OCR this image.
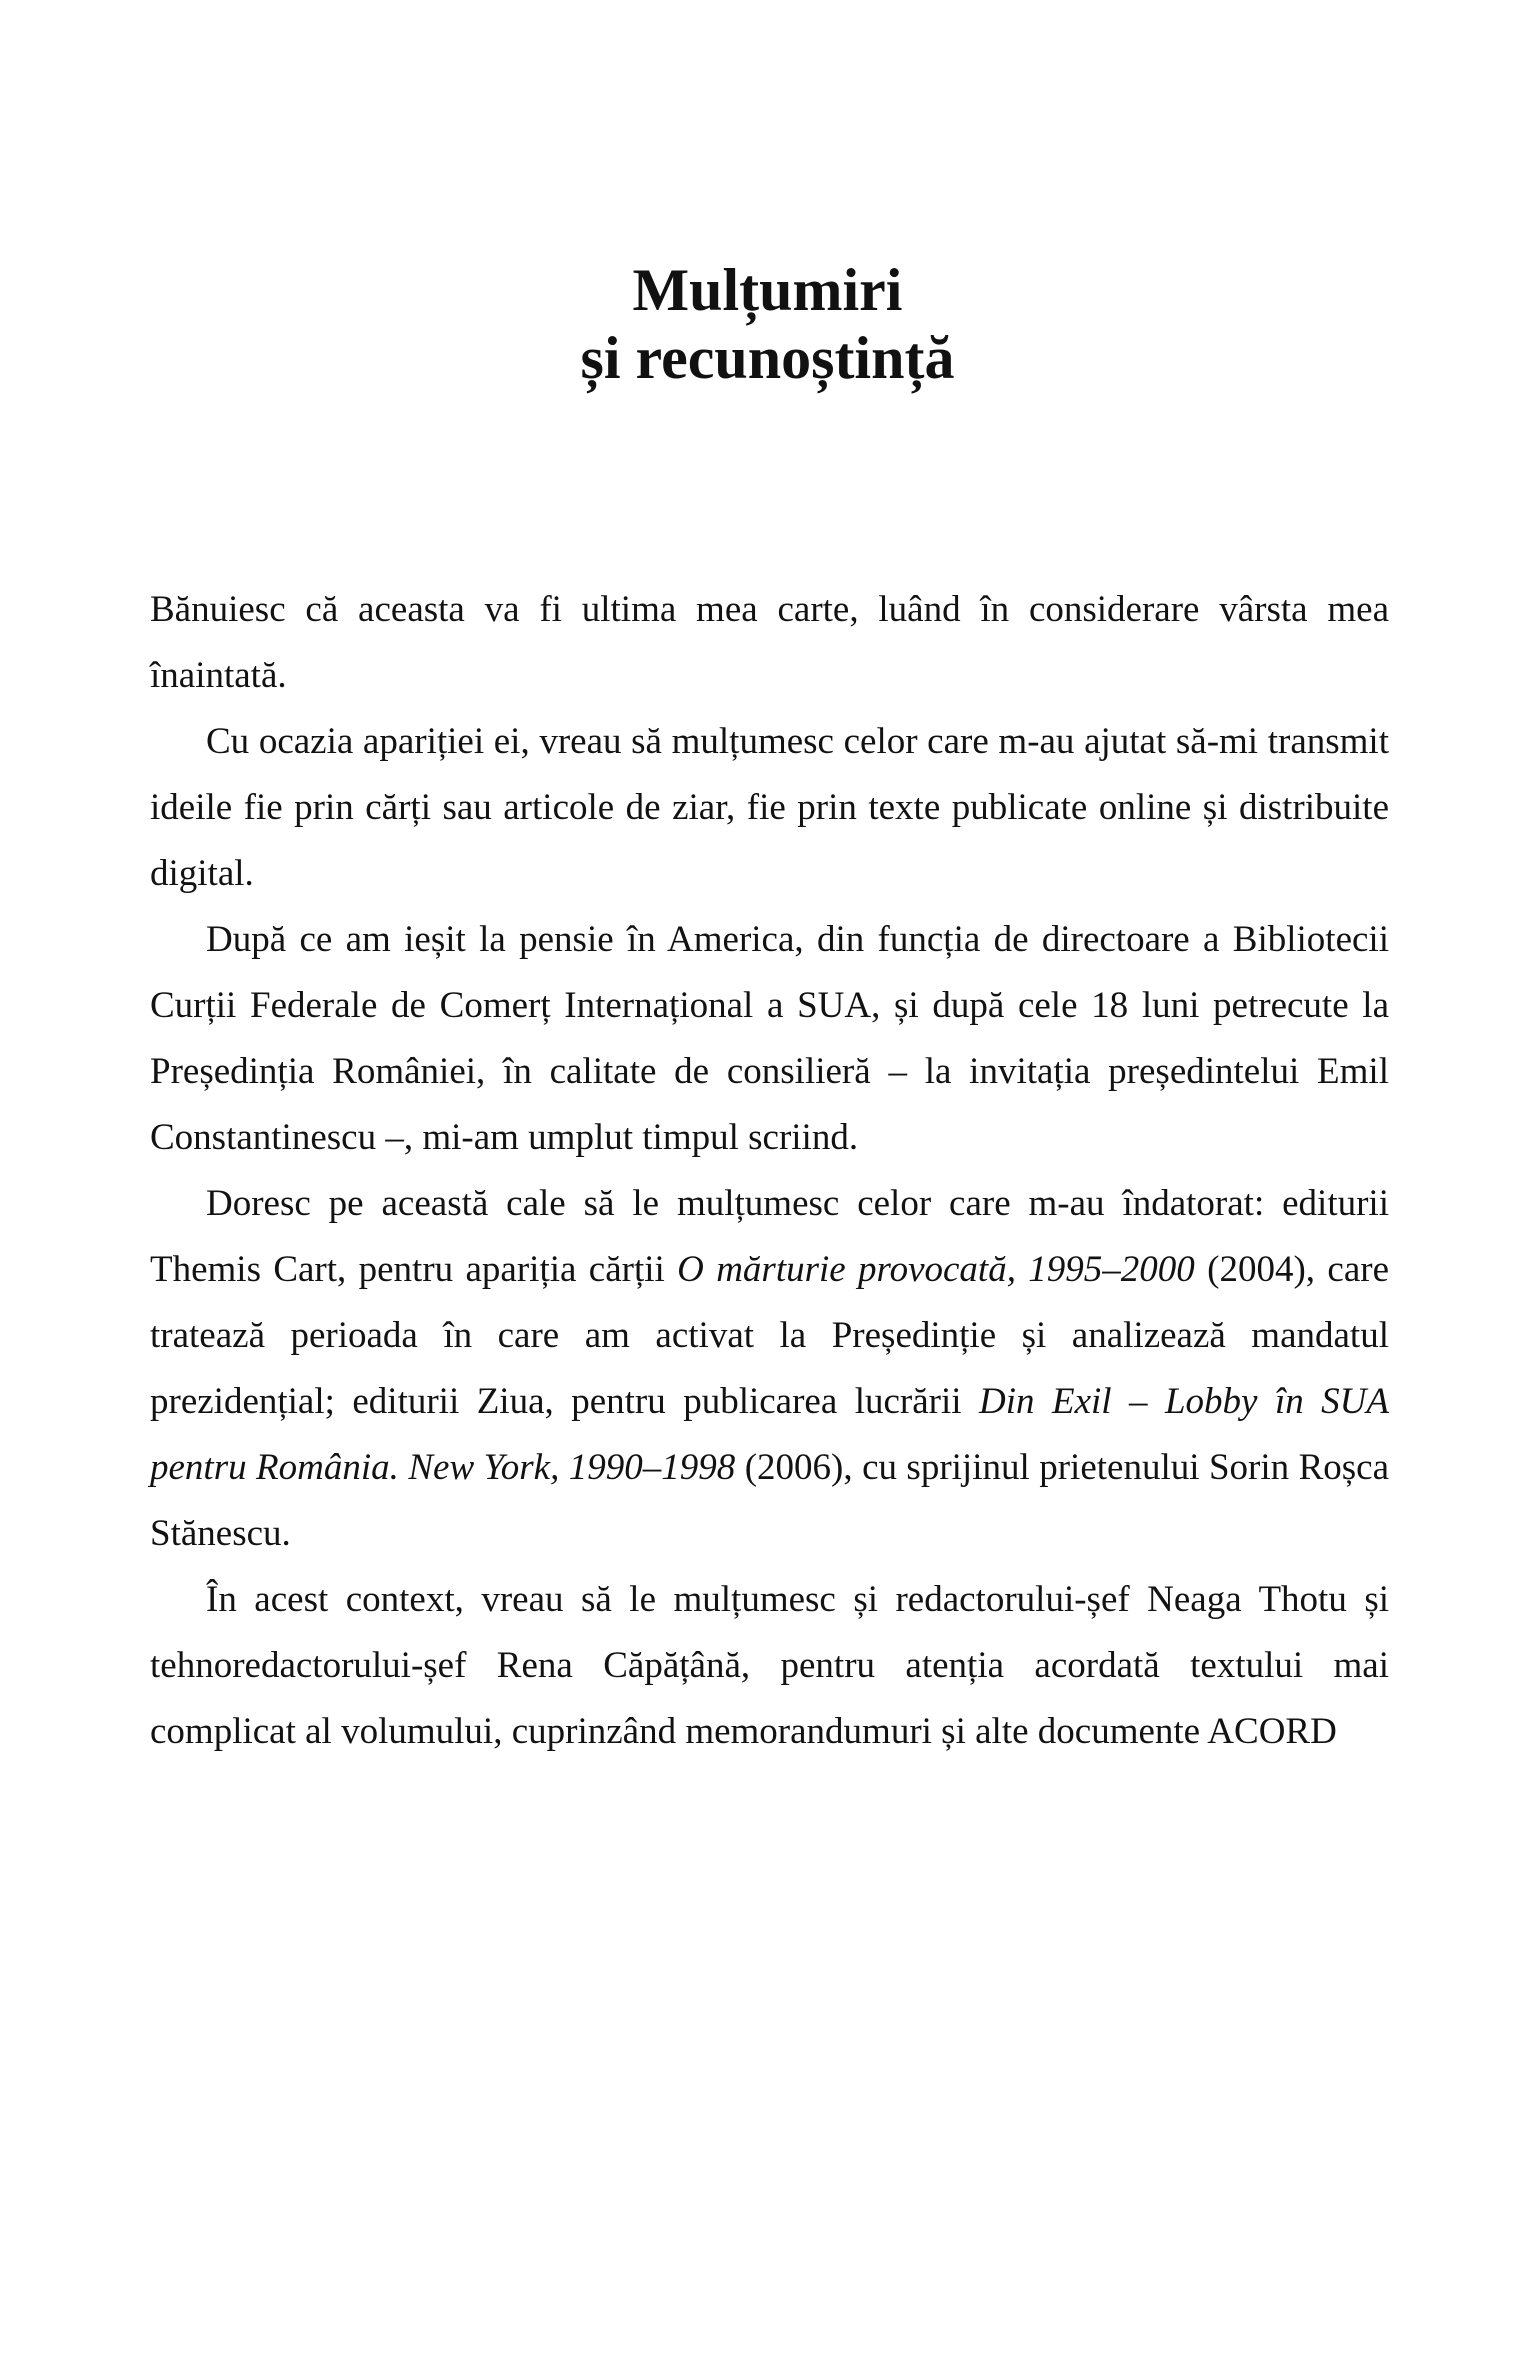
Mulțumiri
și recunoștință

Bănuiesc că aceasta va fi ultima mea carte, luând în considerare vârsta mea înaintată.

Cu ocazia apariției ei, vreau să mulțumesc celor care m-au ajutat să-mi transmit ideile fie prin cărți sau articole de ziar, fie prin texte publicate online și distribuite digital.

După ce am ieșit la pensie în America, din funcția de directoare a Bibliotecii Curții Federale de Comerț Internațional a SUA, și după cele 18 luni petrecute la Președinția României, în calitate de consilieră – la invitația președintelui Emil Constantinescu –, mi-am umplut timpul scriind.

Doresc pe această cale să le mulțumesc celor care m-au îndatorat: editurii Themis Cart, pentru apariția cărții O mărturie provocată, 1995–2000 (2004), care tratează perioada în care am activat la Președinție și analizează mandatul prezidențial; editurii Ziua, pentru publicarea lucrării Din Exil – Lobby în SUA pentru România. New York, 1990–1998 (2006), cu sprijinul prietenului Sorin Roșca Stănescu.

În acest context, vreau să le mulțumesc și redactorului-șef Neaga Thotu și tehnoredactorului-șef Rena Căpățână, pentru atenția acordată textului mai complicat al volumului, cuprinzând memorandumuri și alte documente ACORD
